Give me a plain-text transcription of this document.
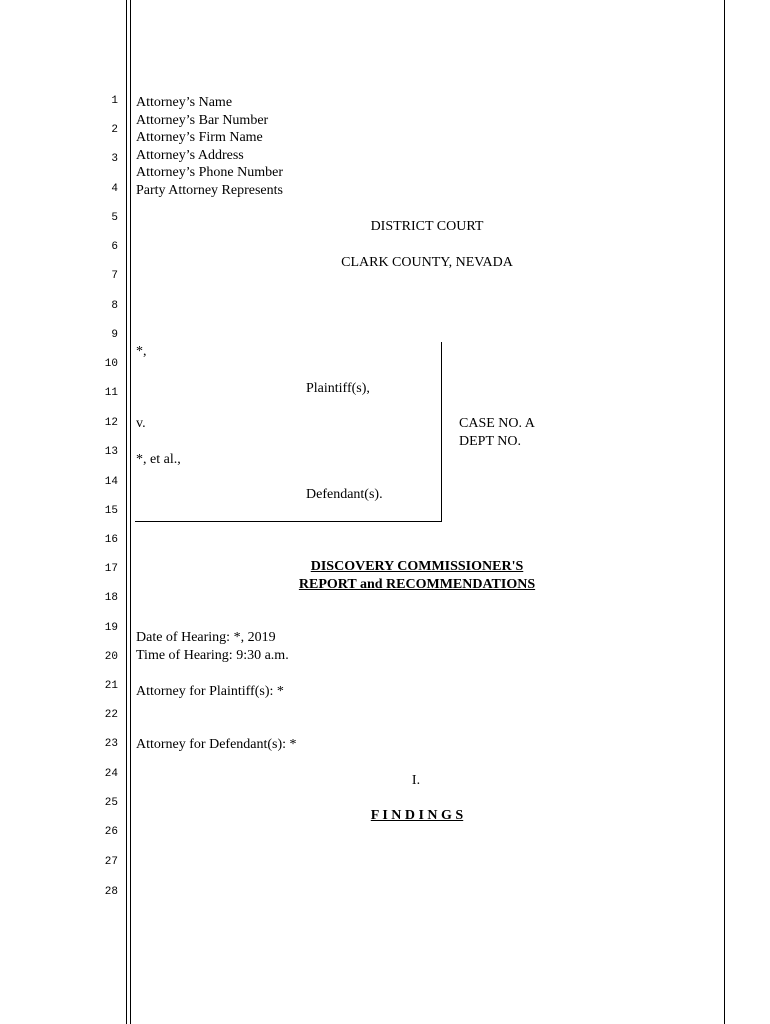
1
2
3
4
5
6
7
8
9
10
11
12
13
14
15
16
17
18
19
20
21
22
23
24
25
26
27
28
Attorney’s Name
Attorney’s Bar Number
Attorney’s Firm Name
Attorney’s Address
Attorney’s Phone Number
Party Attorney Represents
DISTRICT COURT
CLARK COUNTY, NEVADA
*,
Plaintiff(s),
v.
*, et al.,
Defendant(s).
CASE NO. A
DEPT NO.
DISCOVERY COMMISSIONER'S
REPORT and RECOMMENDATIONS
Date of Hearing: *, 2019
Time of Hearing: 9:30 a.m.
Attorney for Plaintiff(s): *
Attorney for Defendant(s): *
I.
F I N D I N G S
